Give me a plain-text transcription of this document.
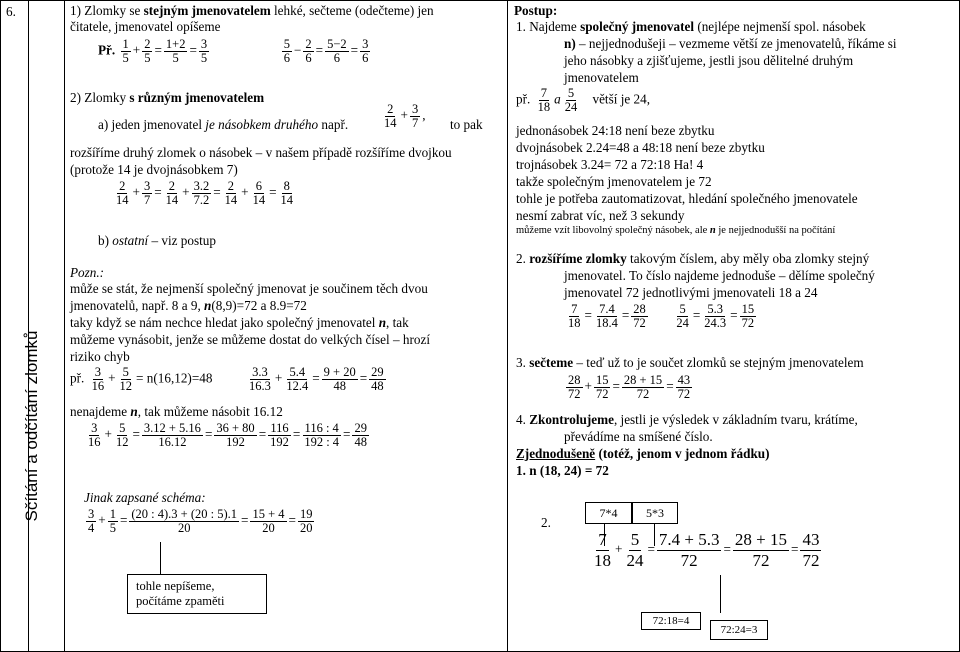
6.
Sčítání a odčítání zlomků
1) Zlomky se stejným jmenovatelem lehké, sečteme (odečteme) jen
čitatele, jmenovatel opíšeme
Př. $\frac{1}{5} + \frac{2}{5} = \frac{1+2}{5} = \frac{3}{5}$
	$\frac{5}{6} - \frac{2}{6} = \frac{5-2}{6} = \frac{3}{6}$
2) Zlomky s různým jmenovatelem
a) jeden jmenovatel je násobkem druhého např.	$\frac{2}{14} + \frac{3}{7}$ ,
to pak
rozšíříme druhý zlomek o násobek – v našem případě rozšíříme dvojkou
(protože 14 je dvojnásobkem 7)
$\frac{2}{14} + \frac{3}{7} = \frac{2}{14} + \frac{3.2}{7.2} = \frac{2}{14} + \frac{6}{14} = \frac{8}{14}$
b) ostatní – viz postup
Pozn.:
může se stát, že nejmenší společný jmenovat je součinem těch dvou
jmenovatelů, např. 8 a 9, n(8,9)=72 a 8.9=72
taky když se nám nechce hledat jako společný jmenovatel n, tak
můžeme vynásobit, jenže se můžeme dostat do velkých čísel – hrozí
riziko chyb
př. $\frac{3}{16} + \frac{5}{12} = n(16,12)=48$	$\frac{3.3}{16.3} + \frac{5.4}{12.4} = \frac{9 + 20}{48} = \frac{29}{48}$
nenajdeme n, tak můžeme násobit 16.12
$\frac{3}{16} + \frac{5}{12} = \frac{3.12 + 5.16}{16.12} = \frac{36 + 80}{192} = \frac{116}{192} = \frac{116 : 4}{192 : 4} = \frac{29}{48}$
Jinak zapsané schéma:
$\frac{3}{4} + \frac{1}{5} = \frac{(20 : 4).3 + (20 : 5).1}{20} = \frac{15 + 4}{20} = \frac{19}{20}$
tohle nepíšeme,
počítáme zpaměti
Postup:
1. Najdeme společný jmenovatel (nejlépe nejmenší spol. násobek
n) – nejjednodušeji – vezmeme větší ze jmenovatelů, říkáme si
jeho násobky a zjišťujeme, jestli jsou dělitelné druhým
jmenovatelem
př. $\frac{7}{18}$ a $\frac{5}{24}$ větší je 24,
jednonásobek 24:18 není beze zbytku
dvojnásobek 2.24=48 a 48:18 není beze zbytku
trojnásobek 3.24= 72 a 72:18 Ha! 4
takže společným jmenovatelem je 72
tohle je potřeba zautomatizovat, hledání společného jmenovatele
nesmí zabrat víc, než 3 sekundy
můžeme vzít libovolný společný násobek, ale n je nejjednodušší na počítání
2. rozšíříme zlomky takovým číslem, aby měly oba zlomky stejný
jmenovatel. To číslo najdeme jednoduše – dělíme společný
jmenovatel 72 jednotlivými jmenovateli 18 a 24
$\frac{7}{18} = \frac{7.4}{18.4} = \frac{28}{72}$
$\frac{5}{24} = \frac{5.3}{24.3} = \frac{15}{72}$
3. sečteme – teď už to je součet zlomků se stejným jmenovatelem
$\frac{28}{72} + \frac{15}{72} = \frac{28 + 15}{72} = \frac{43}{72}$
4. Zkontrolujeme, jestli je výsledek v základním tvaru, krátíme,
převádíme na smíšené číslo.
Zjednodušeně (totéž, jenom v jednom řádku)
1. n (18, 24) = 72
2.
7*4	5*3
$\frac{7}{18} + \frac{5}{24} = \frac{7.4 + 5.3}{72} = \frac{28 + 15}{72} = \frac{43}{72}$
72:18=4
72:24=3
